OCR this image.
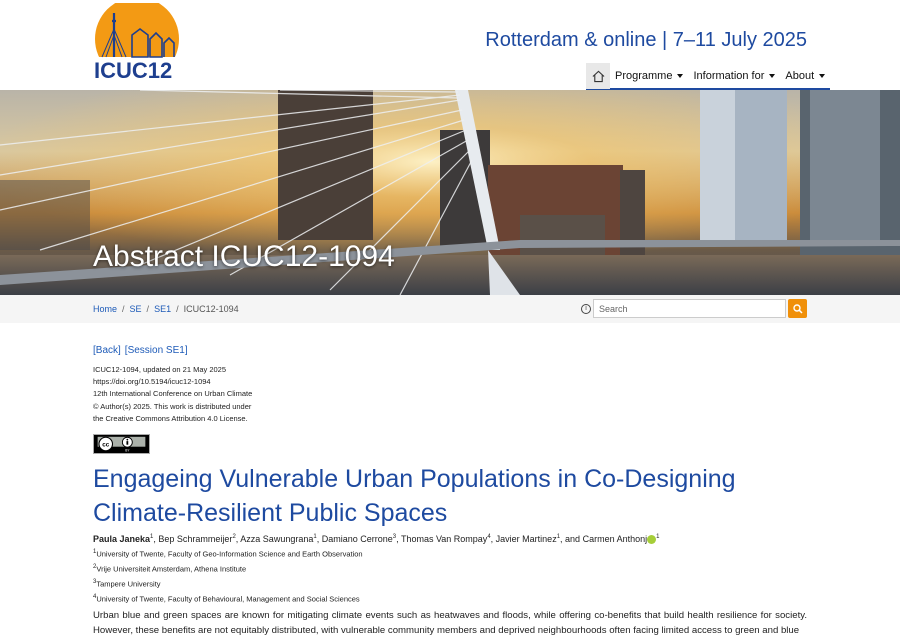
ICUC12
Rotterdam & online | 7–11 July 2025
Programme Information for About
Abstract ICUC12-1094
Home / SE / SE1 / ICUC12-1094	i
Search
[Back] [Session SE1]
ICUC12-1094, updated on 21 May 2025
https://doi.org/10.5194/icuc12-1094
12th International Conference on Urban Climate
© Author(s) 2025. This work is distributed under
the Creative Commons Attribution 4.0 License.
cc
BY
Engageing Vulnerable Urban Populations in Co-Designing Climate-Resilient Public Spaces
Paula Janeka$^1$, Bep Schrammeijer$^2$, Azza Sawungrana$^1$, Damiano Cerrone$^3$, Thomas Van Rompay$^4$, Javier Martinez$^1$, and Carmen Anthonj $^1$
$^1$University of Twente, Faculty of Geo-Information Science and Earth Observation
$^2$Vrije Universiteit Amsterdam, Athena Institute
$^3$Tampere University
$^4$University of Twente, Faculty of Behavioural, Management and Social Sciences
Urban blue and green spaces are known for mitigating climate events such as heatwaves and floods, while offering co-benefits that build health resilience for society. However, these benefits are not equitably distributed, with vulnerable community members and deprived neighbourhoods often facing limited access to green and blue
